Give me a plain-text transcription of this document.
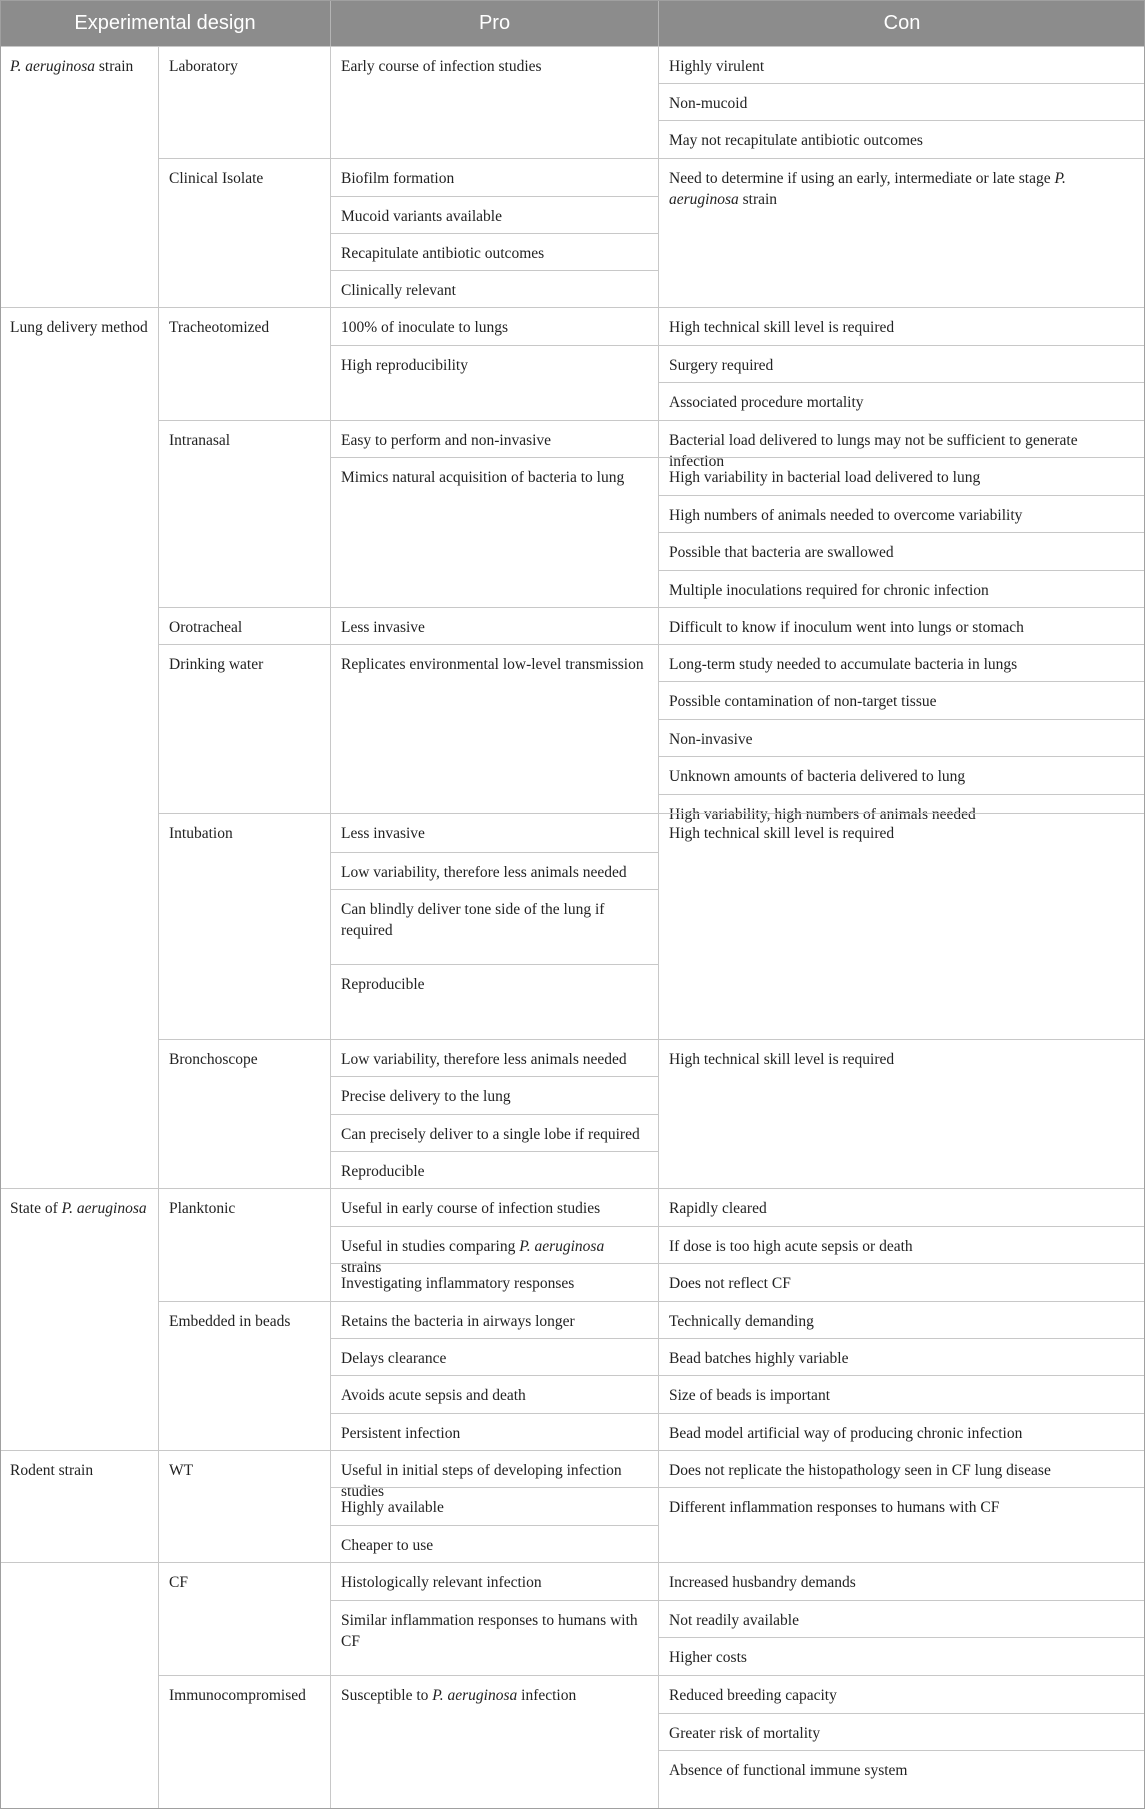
Experimental design	Pro	Con
P. aeruginosa strain
Lung delivery method
State of P. aeruginosa
Rodent strain
Laboratory
Clinical Isolate
Tracheotomized
Intranasal
Orotracheal
Drinking water
Intubation
Bronchoscope
Planktonic
Embedded in beads
WT
CF
Immunocompromised
Early course of infection studies
Biofilm formation
Mucoid variants available
Recapitulate antibiotic outcomes
Clinically relevant
100% of inoculate to lungs
High reproducibility
Easy to perform and non-invasive
Mimics natural acquisition of bacteria to lung
Less invasive
Replicates environmental low-level transmission
Less invasive
Low variability, therefore less animals needed
Can blindly deliver tone side of the lung if required
Reproducible
Low variability, therefore less animals needed
Precise delivery to the lung
Can precisely deliver to a single lobe if required
Reproducible
Useful in early course of infection studies
Useful in studies comparing P. aeruginosa strains
Investigating inflammatory responses
Retains the bacteria in airways longer
Delays clearance
Avoids acute sepsis and death
Persistent infection
Useful in initial steps of developing infection studies
Highly available
Cheaper to use
Histologically relevant infection
Similar inflammation responses to humans with CF
Susceptible to P. aeruginosa infection
Highly virulent
Non-mucoid
May not recapitulate antibiotic outcomes
Need to determine if using an early, intermediate or late stage P. aeruginosa strain
High technical skill level is required
Surgery required
Associated procedure mortality
Bacterial load delivered to lungs may not be sufficient to generate infection
High variability in bacterial load delivered to lung
High numbers of animals needed to overcome variability
Possible that bacteria are swallowed
Multiple inoculations required for chronic infection
Difficult to know if inoculum went into lungs or stomach
Long-term study needed to accumulate bacteria in lungs
Possible contamination of non-target tissue
Non-invasive
Unknown amounts of bacteria delivered to lung
High variability, high numbers of animals needed
High technical skill level is required
High technical skill level is required
Rapidly cleared
If dose is too high acute sepsis or death
Does not reflect CF
Technically demanding
Bead batches highly variable
Size of beads is important
Bead model artificial way of producing chronic infection
Does not replicate the histopathology seen in CF lung disease
Different inflammation responses to humans with CF
Increased husbandry demands
Not readily available
Higher costs
Reduced breeding capacity
Greater risk of mortality
Absence of functional immune system
